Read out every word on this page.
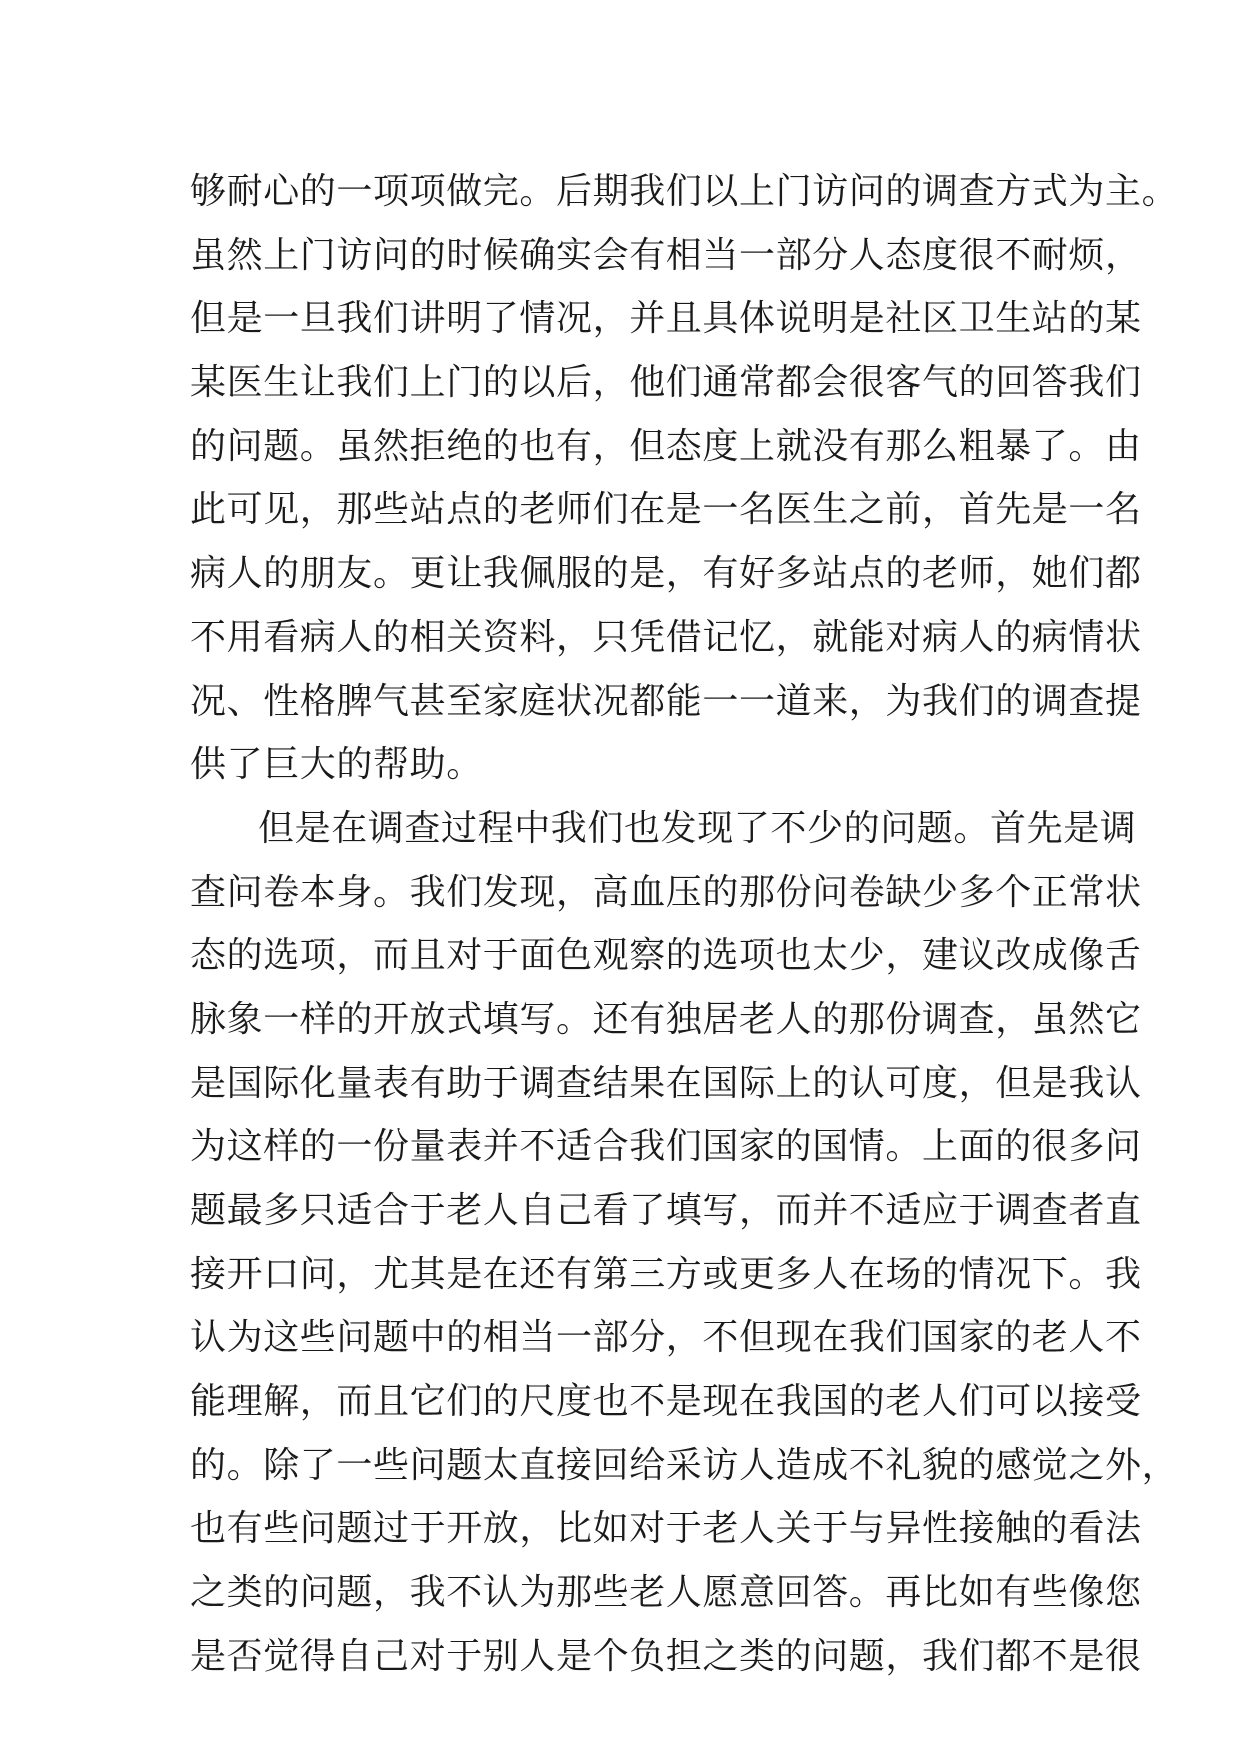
够耐心的一项项做完。后期我们以上门访问的调查方式为主。
虽然上门访问的时候确实会有相当一部分人态度很不耐烦，
但是一旦我们讲明了情况，并且具体说明是社区卫生站的某
某医生让我们上门的以后，他们通常都会很客气的回答我们
的问题。虽然拒绝的也有，但态度上就没有那么粗暴了。由
此可见，那些站点的老师们在是一名医生之前，首先是一名
病人的朋友。更让我佩服的是，有好多站点的老师，她们都
不用看病人的相关资料，只凭借记忆，就能对病人的病情状
况、性格脾气甚至家庭状况都能一一道来，为我们的调查提
供了巨大的帮助。
但是在调查过程中我们也发现了不少的问题。首先是调
查问卷本身。我们发现，高血压的那份问卷缺少多个正常状
态的选项，而且对于面色观察的选项也太少，建议改成像舌
脉象一样的开放式填写。还有独居老人的那份调查，虽然它
是国际化量表有助于调查结果在国际上的认可度，但是我认
为这样的一份量表并不适合我们国家的国情。上面的很多问
题最多只适合于老人自己看了填写，而并不适应于调查者直
接开口问，尤其是在还有第三方或更多人在场的情况下。我
认为这些问题中的相当一部分，不但现在我们国家的老人不
能理解，而且它们的尺度也不是现在我国的老人们可以接受
的。除了一些问题太直接回给采访人造成不礼貌的感觉之外，
也有些问题过于开放，比如对于老人关于与异性接触的看法
之类的问题，我不认为那些老人愿意回答。再比如有些像您
是否觉得自己对于别人是个负担之类的问题，我们都不是很
